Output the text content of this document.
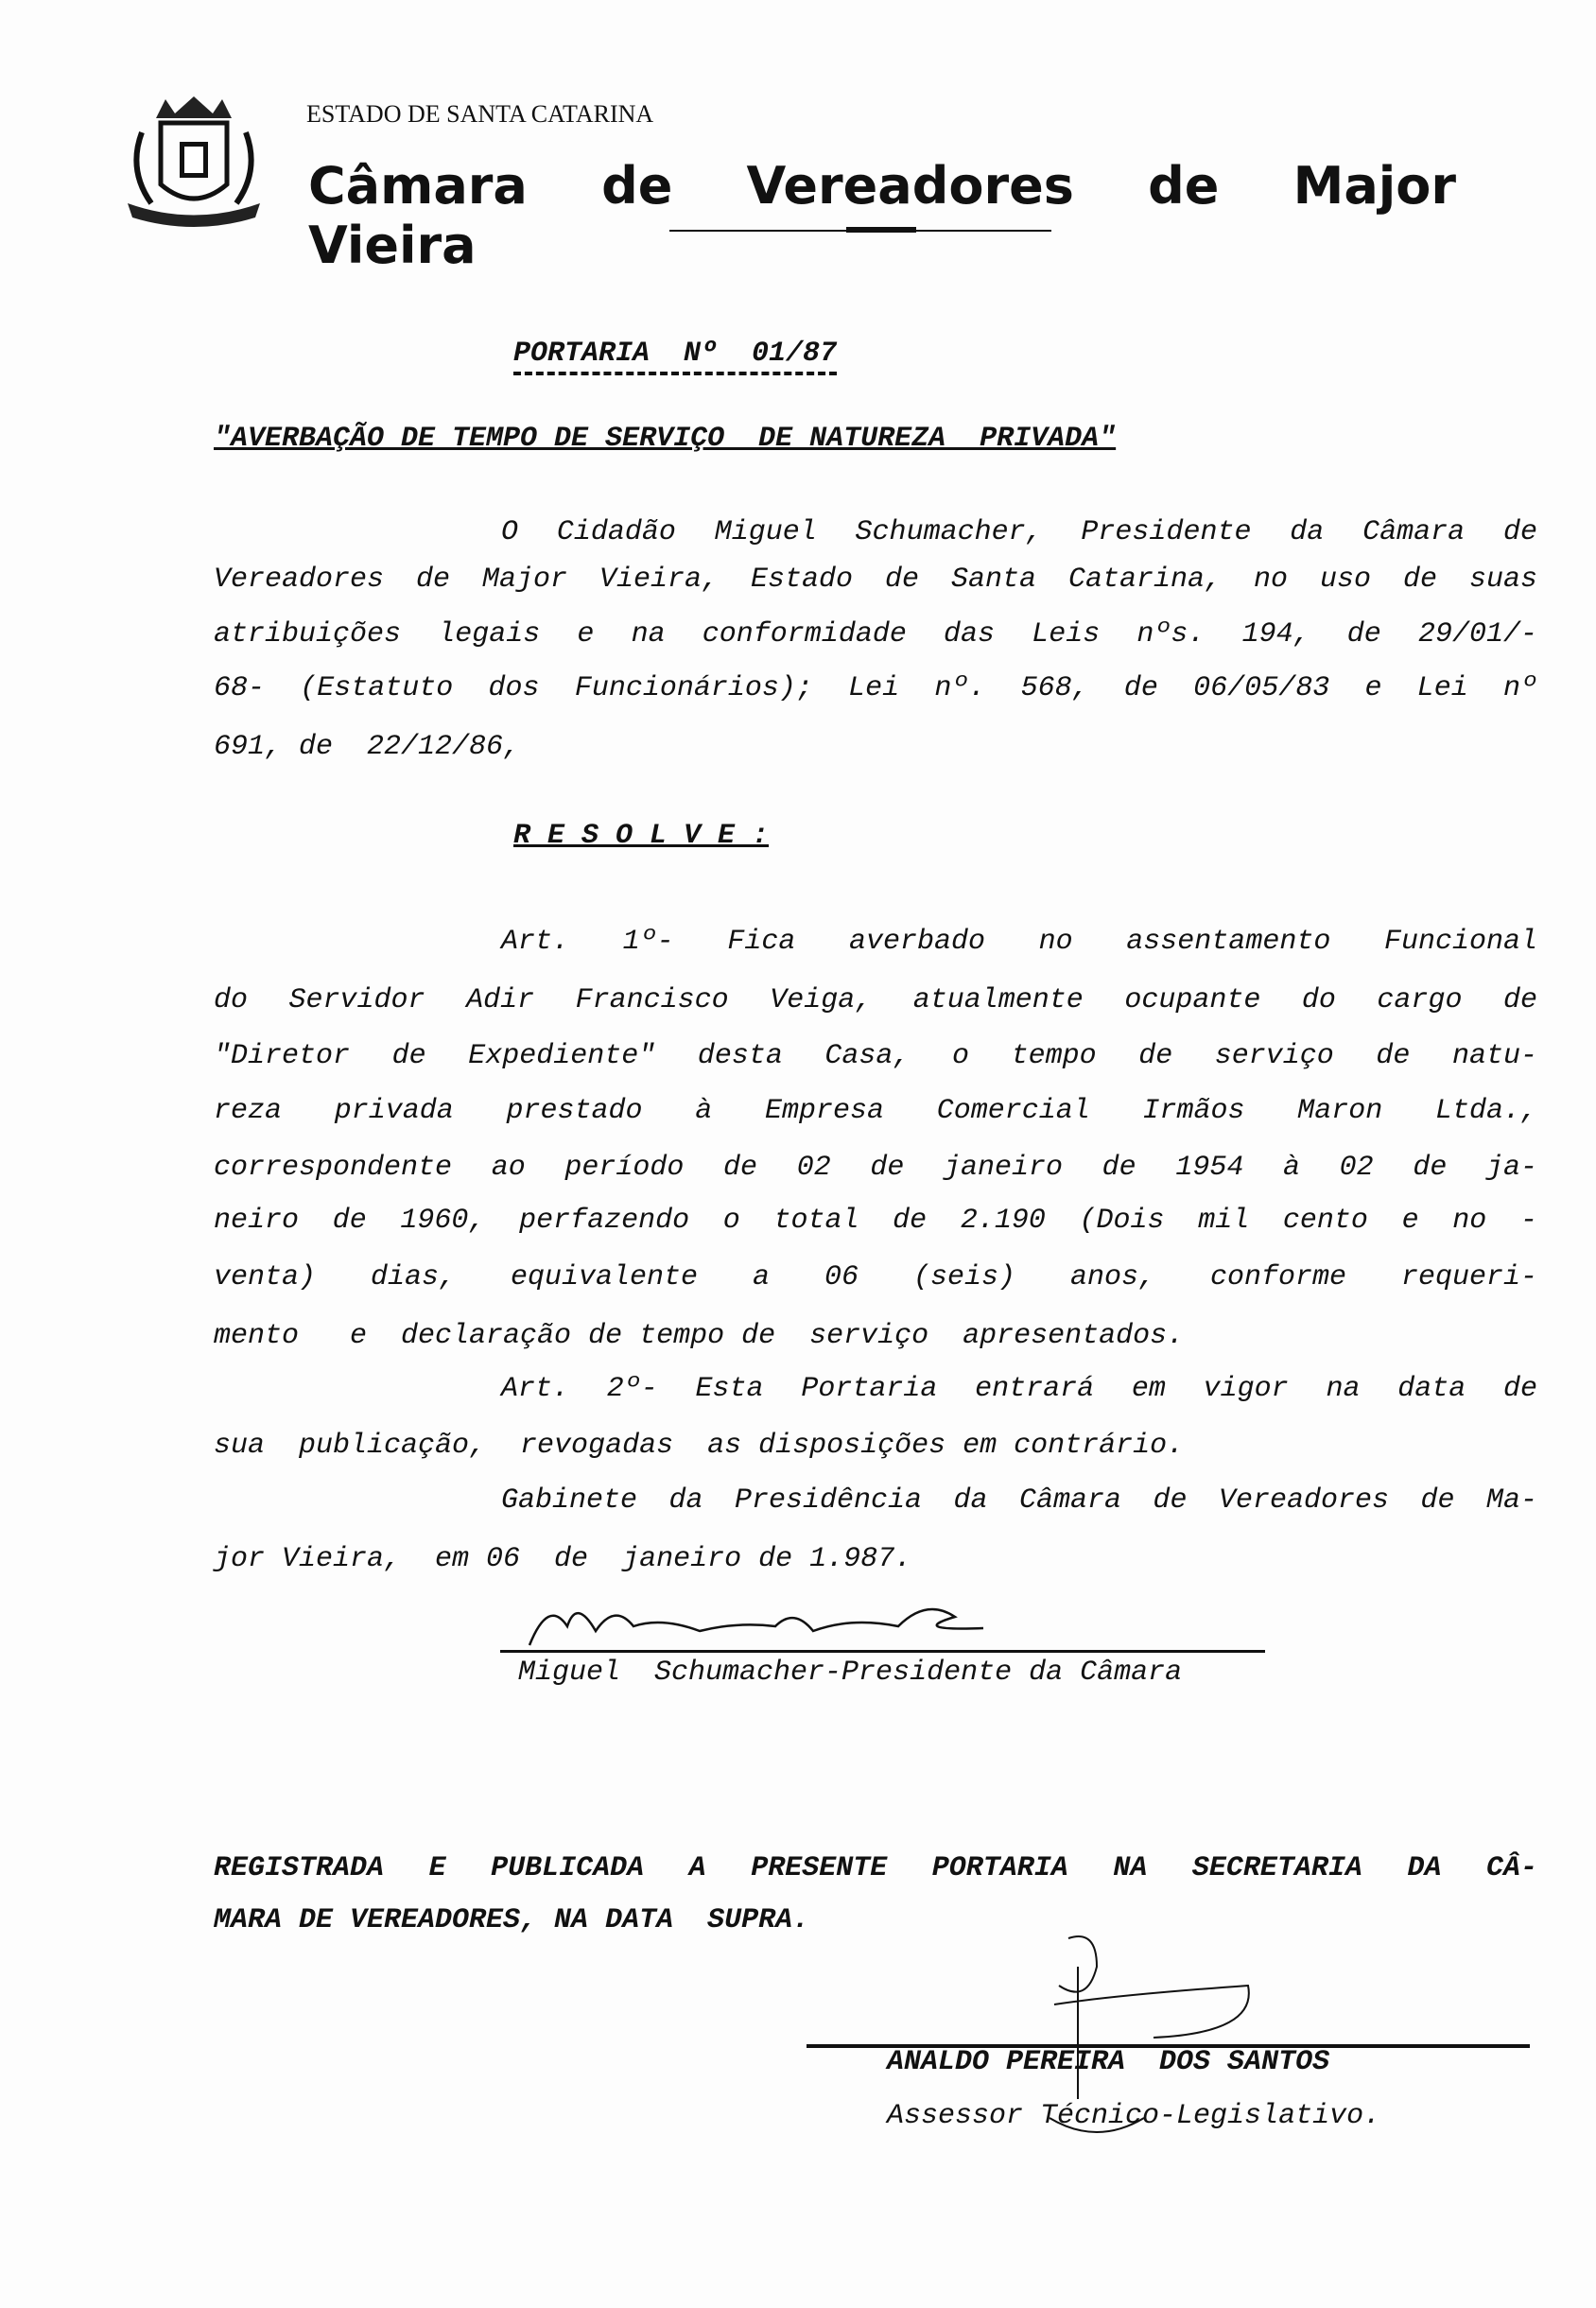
ESTADO DE SANTA CATARINA
Câmara de Vereadores de Major Vieira
PORTARIA  Nº  01/87
"AVERBAÇÃO DE TEMPO DE SERVIÇO  DE NATUREZA  PRIVADA"
O Cidadão Miguel Schumacher, Presidente da Câmara de
Vereadores de Major Vieira, Estado de Santa Catarina, no uso de suas
atribuições legais e na conformidade das Leis nºs. 194, de 29/01/-
68- (Estatuto dos Funcionários); Lei nº. 568, de 06/05/83 e Lei nº
691, de  22/12/86,
R E S O L V E :
Art. 1º- Fica averbado no assentamento Funcional
do Servidor Adir Francisco Veiga, atualmente ocupante do cargo de
"Diretor de Expediente" desta Casa, o tempo de serviço de natu-
reza privada prestado à Empresa Comercial Irmãos Maron Ltda.,
correspondente ao período de 02 de janeiro de 1954 à 02 de ja-
neiro de 1960, perfazendo o total de 2.190 (Dois mil cento e no -
venta) dias, equivalente a 06 (seis) anos, conforme requeri-
mento   e  declaração de tempo de  serviço  apresentados.
Art. 2º- Esta Portaria entrará em vigor na data de
sua  publicação,  revogadas  as disposições em contrário.
Gabinete da Presidência da Câmara de Vereadores de Ma-
jor Vieira,  em 06  de  janeiro de 1.987.
Miguel  Schumacher-Presidente da Câmara
REGISTRADA E PUBLICADA A PRESENTE PORTARIA NA SECRETARIA DA CÂ-
MARA DE VEREADORES, NA DATA  SUPRA.
ANALDO PEREIRA  DOS SANTOS
Assessor Técnico-Legislativo.
